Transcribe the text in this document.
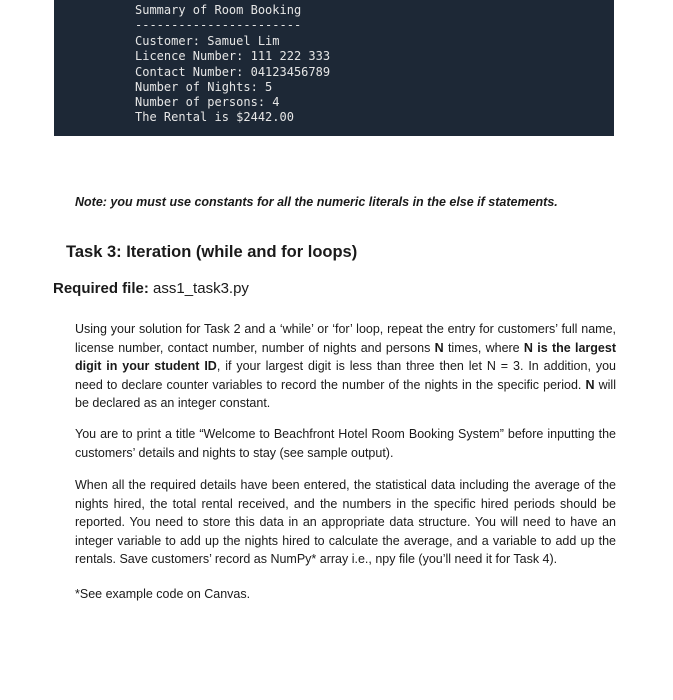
Summary of Room Booking
-----------------------
Customer: Samuel Lim
Licence Number: 111 222 333
Contact Number: 04123456789
Number of Nights: 5
Number of persons: 4
The Rental is $2442.00
Note: you must use constants for all the numeric literals in the else if statements.
Task 3: Iteration (while and for loops)
Required file: ass1_task3.py
Using your solution for Task 2 and a ‘while’ or ‘for’ loop, repeat the entry for customers’ full name, license number, contact number, number of nights and persons N times, where N is the largest digit in your student ID, if your largest digit is less than three then let N = 3. In addition, you need to declare counter variables to record the number of the nights in the specific period. N will be declared as an integer constant.
You are to print a title “Welcome to Beachfront Hotel Room Booking System” before inputting the customers’ details and nights to stay (see sample output).
When all the required details have been entered, the statistical data including the average of the nights hired, the total rental received, and the numbers in the specific hired periods should be reported. You need to store this data in an appropriate data structure. You will need to have an integer variable to add up the nights hired to calculate the average, and a variable to add up the rentals. Save customers’ record as NumPy* array i.e., npy file (you’ll need it for Task 4).
*See example code on Canvas.
